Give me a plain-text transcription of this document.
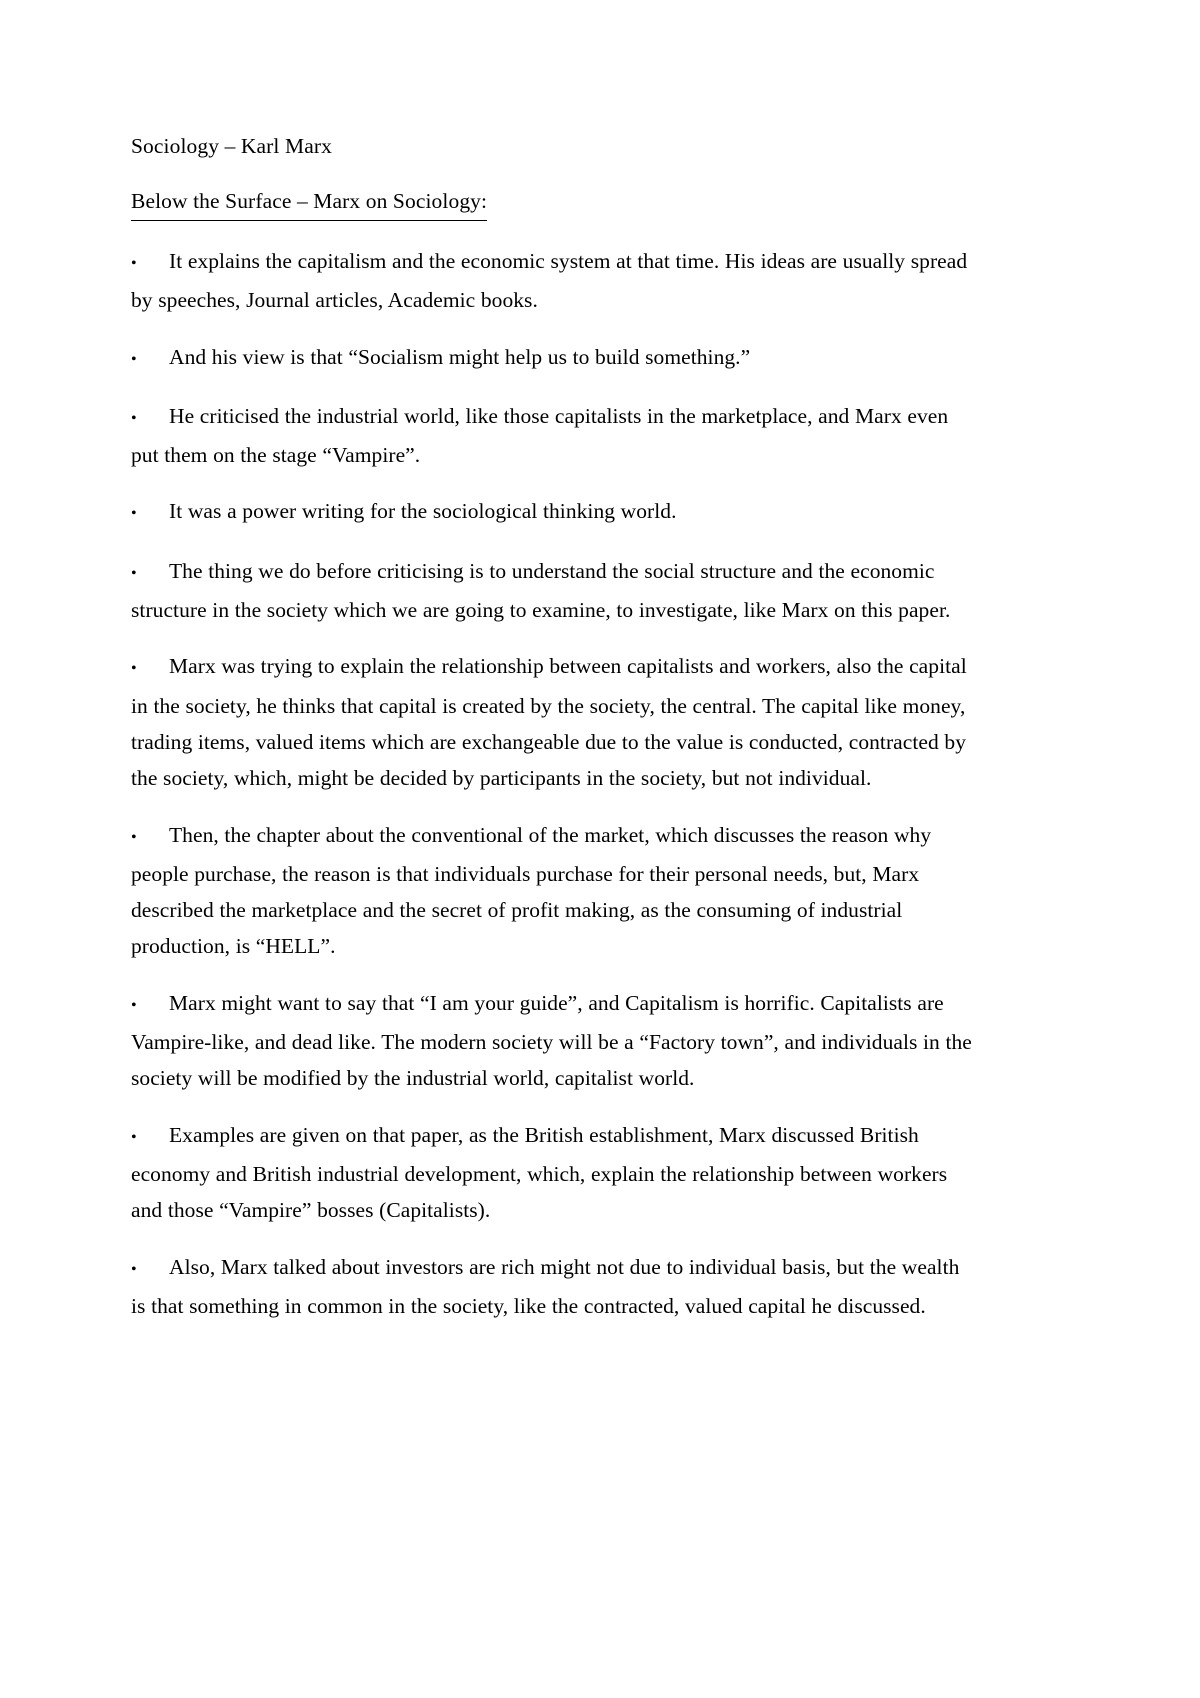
Sociology – Karl Marx

Below the Surface – Marx on Sociology:
•It explains the capitalism and the economic system at that time. His ideas are usually spread by speeches, Journal articles, Academic books.
•And his view is that “Socialism might help us to build something.”
•He criticised the industrial world, like those capitalists in the marketplace, and Marx even put them on the stage “Vampire”.
•It was a power writing for the sociological thinking world.
•The thing we do before criticising is to understand the social structure and the economic structure in the society which we are going to examine, to investigate, like Marx on this paper.
•Marx was trying to explain the relationship between capitalists and workers, also the capital in the society, he thinks that capital is created by the society, the central. The capital like money, trading items, valued items which are exchangeable due to the value is conducted, contracted by the society, which, might be decided by participants in the society, but not individual.
•Then, the chapter about the conventional of the market, which discusses the reason why people purchase, the reason is that individuals purchase for their personal needs, but, Marx described the marketplace and the secret of profit making, as the consuming of industrial production, is “HELL”.
•Marx might want to say that “I am your guide”, and Capitalism is horrific. Capitalists are Vampire-like, and dead like. The modern society will be a “Factory town”, and individuals in the society will be modified by the industrial world, capitalist world.
•Examples are given on that paper, as the British establishment, Marx discussed British economy and British industrial development, which, explain the relationship between workers and those “Vampire” bosses (Capitalists).
•Also, Marx talked about investors are rich might not due to individual basis, but the wealth is that something in common in the society, like the contracted, valued capital he discussed.
